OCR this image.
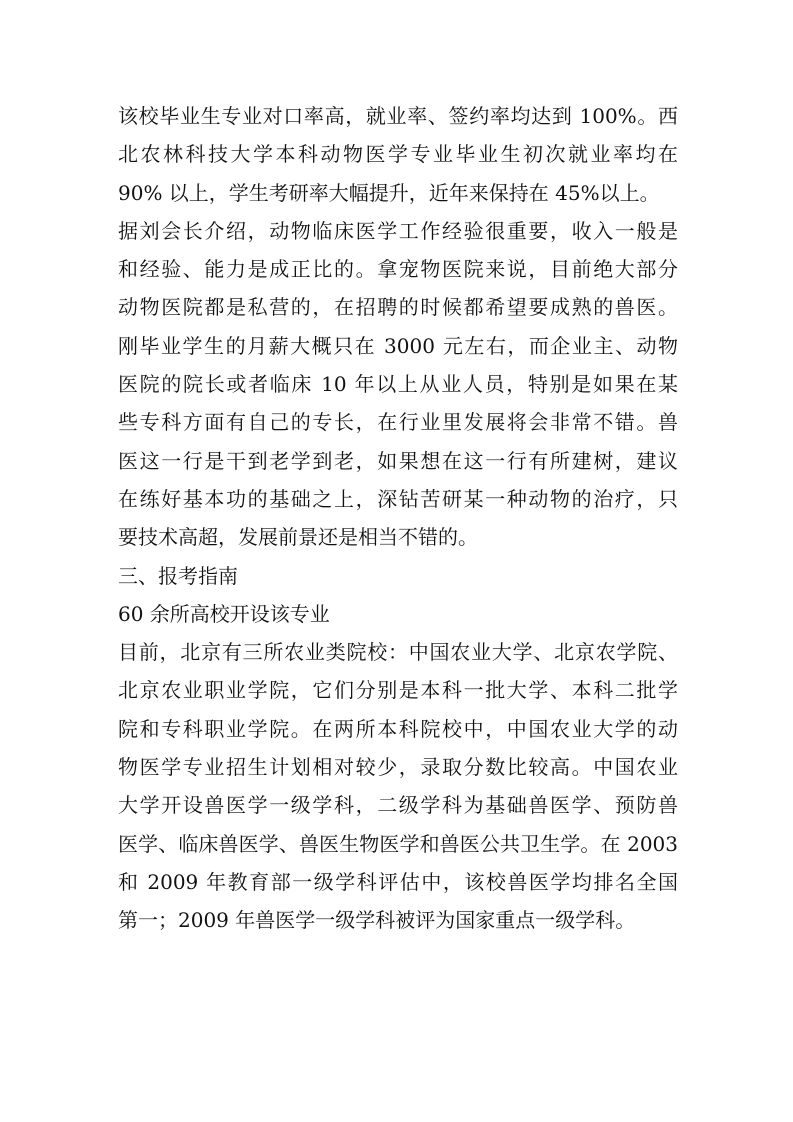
该校毕业生专业对口率高，就业率、签约率均达到 100%。西
北农林科技大学本科动物医学专业毕业生初次就业率均在
90% 以上，学生考研率大幅提升，近年来保持在 45%以上。

据刘会长介绍，动物临床医学工作经验很重要，收入一般是
和经验、能力是成正比的。拿宠物医院来说，目前绝大部分
动物医院都是私营的，在招聘的时候都希望要成熟的兽医。
刚毕业学生的月薪大概只在 3000 元左右，而企业主、动物
医院的院长或者临床 10 年以上从业人员，特别是如果在某
些专科方面有自己的专长，在行业里发展将会非常不错。兽
医这一行是干到老学到老，如果想在这一行有所建树，建议
在练好基本功的基础之上，深钻苦研某一种动物的治疗，只
要技术高超，发展前景还是相当不错的。

三、报考指南

60 余所高校开设该专业

目前，北京有三所农业类院校：中国农业大学、北京农学院、
北京农业职业学院，它们分别是本科一批大学、本科二批学
院和专科职业学院。在两所本科院校中，中国农业大学的动
物医学专业招生计划相对较少，录取分数比较高。中国农业
大学开设兽医学一级学科，二级学科为基础兽医学、预防兽
医学、临床兽医学、兽医生物医学和兽医公共卫生学。在 2003
和 2009 年教育部一级学科评估中，该校兽医学均排名全国
第一；2009 年兽医学一级学科被评为国家重点一级学科。
